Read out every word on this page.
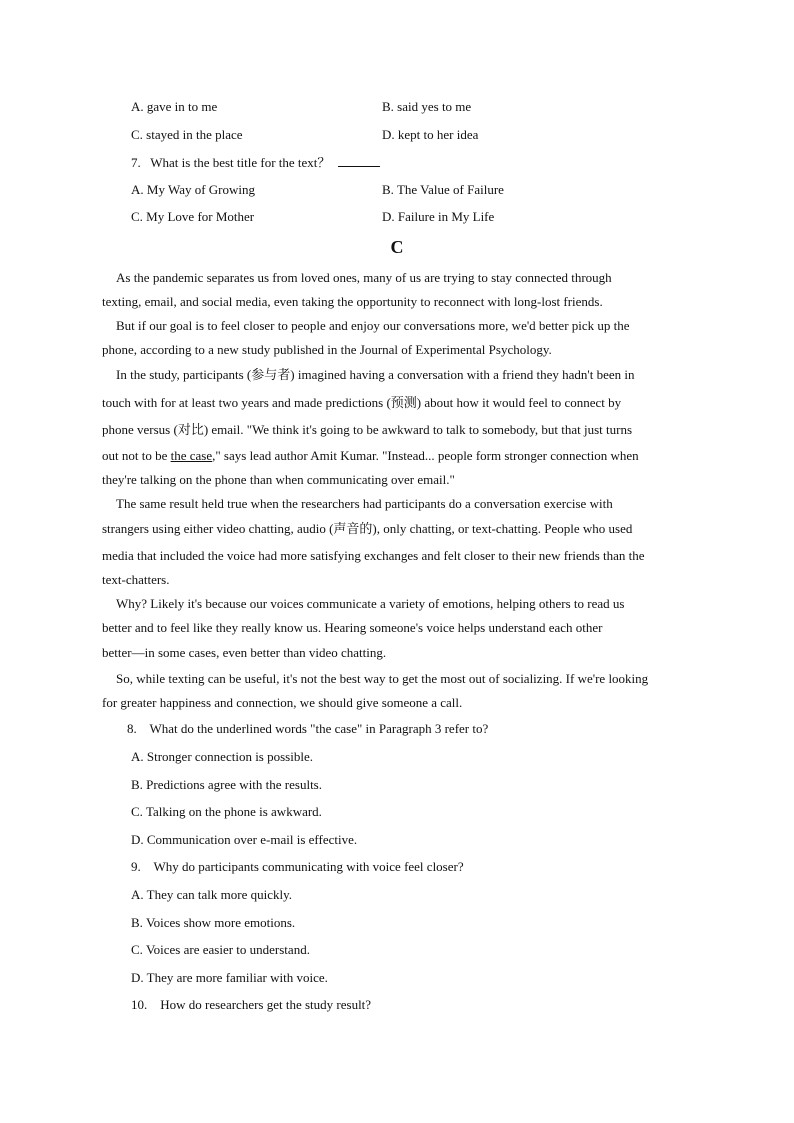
A. gave in to me	B. said yes to me
C. stayed in the place	D. kept to her idea
7. What is the best title for the text？
A. My Way of Growing	B. The Value of Failure
C. My Love for Mother	D. Failure in My Life
C
As the pandemic separates us from loved ones, many of us are trying to stay connected through
texting, email, and social media, even taking the opportunity to reconnect with long-lost friends.
But if our goal is to feel closer to people and enjoy our conversations more, we'd better pick up the
phone, according to a new study published in the Journal of Experimental Psychology.
In the study, participants (参与者) imagined having a conversation with a friend they hadn't been in
touch with for at least two years and made predictions (预测) about how it would feel to connect by
phone versus (对比) email. "We think it's going to be awkward to talk to somebody, but that just turns
out not to be the case," says lead author Amit Kumar. "Instead... people form stronger connection when
they're talking on the phone than when communicating over email."
The same result held true when the researchers had participants do a conversation exercise with
strangers using either video chatting, audio (声音的), only chatting, or text-chatting. People who used
media that included the voice had more satisfying exchanges and felt closer to their new friends than the
text-chatters.
Why? Likely it's because our voices communicate a variety of emotions, helping others to read us
better and to feel like they really know us. Hearing someone's voice helps understand each other
better—in some cases, even better than video chatting.
So, while texting can be useful, it's not the best way to get the most out of socializing. If we're looking
for greater happiness and connection, we should give someone a call.
8. What do the underlined words "the case" in Paragraph 3 refer to?
A. Stronger connection is possible.
B. Predictions agree with the results.
C. Talking on the phone is awkward.
D. Communication over e-mail is effective.
9. Why do participants communicating with voice feel closer?
A. They can talk more quickly.
B. Voices show more emotions.
C. Voices are easier to understand.
D. They are more familiar with voice.
10. How do researchers get the study result?
